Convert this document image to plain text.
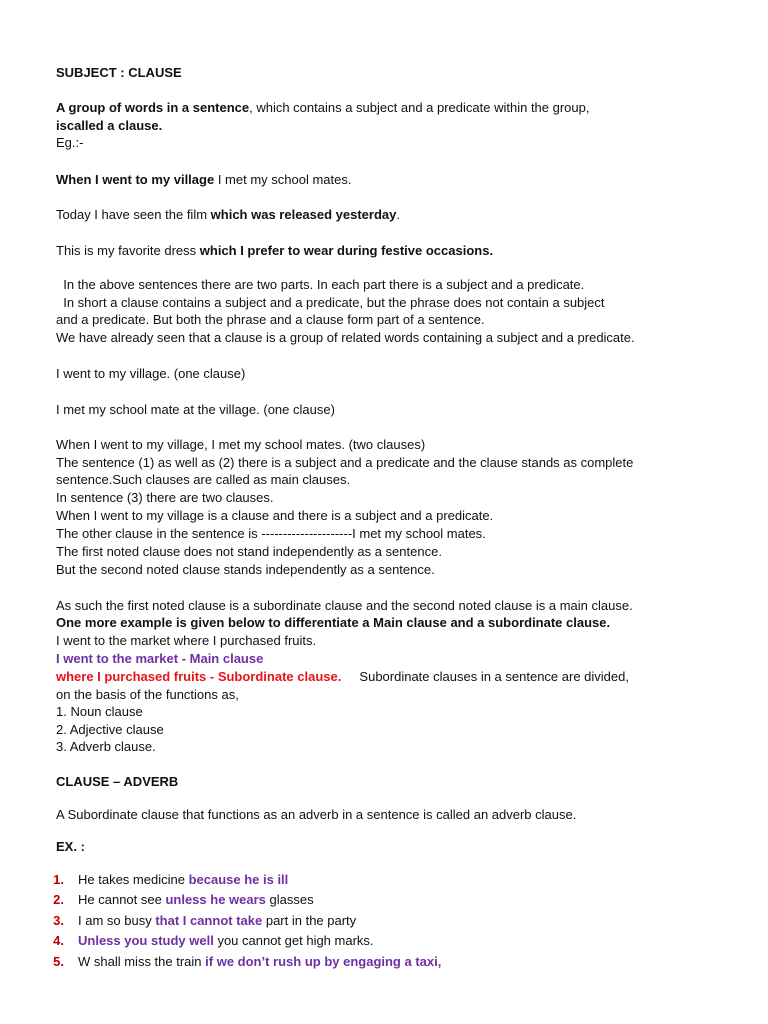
SUBJECT : CLAUSE
A group of words in a sentence, which contains a subject and a predicate within the group,
iscalled a clause.
Eg.:-
When I went to my village I met my school mates.
Today I have seen the film which was released yesterday.
This is my favorite dress which I prefer to wear during festive occasions.
In the above sentences there are two parts. In each part there is a subject and a predicate.
In short a clause contains a subject and a predicate, but the phrase does not contain a subject
and a predicate. But both the phrase and a clause form part of a sentence.
We have already seen that a clause is a group of related words containing a subject and a predicate.
I went to my village. (one clause)
I met my school mate at the village. (one clause)
When I went to my village, I met my school mates. (two clauses)
The sentence (1) as well as (2) there is a subject and a predicate and the clause stands as complete
sentence.Such clauses are called as main clauses.
In sentence (3) there are two clauses.
When I went to my village is a clause and there is a subject and a predicate.
The other clause in the sentence is ---------------------I met my school mates.
The first noted clause does not stand independently as a sentence.
But the second noted clause stands independently as a sentence.
As such the first noted clause is a subordinate clause and the second noted clause is a main clause.
One more example is given below to differentiate a Main clause and a subordinate clause.
I went to the market where I purchased fruits.
I went to the market - Main clause
where I purchased fruits - Subordinate clause.     Subordinate clauses in a sentence are divided,
on the basis of the functions as,
1. Noun clause
2. Adjective clause
3. Adverb clause.
CLAUSE – ADVERB
A Subordinate clause that functions as an adverb in a sentence is called an adverb clause.
EX. :
1. He takes medicine because he is ill
2. He cannot see unless he wears glasses
3. I am so busy that I cannot take part in the party
4. Unless you study well you cannot get high marks.
5. W shall miss the train if we don’t rush up by engaging a taxi,
